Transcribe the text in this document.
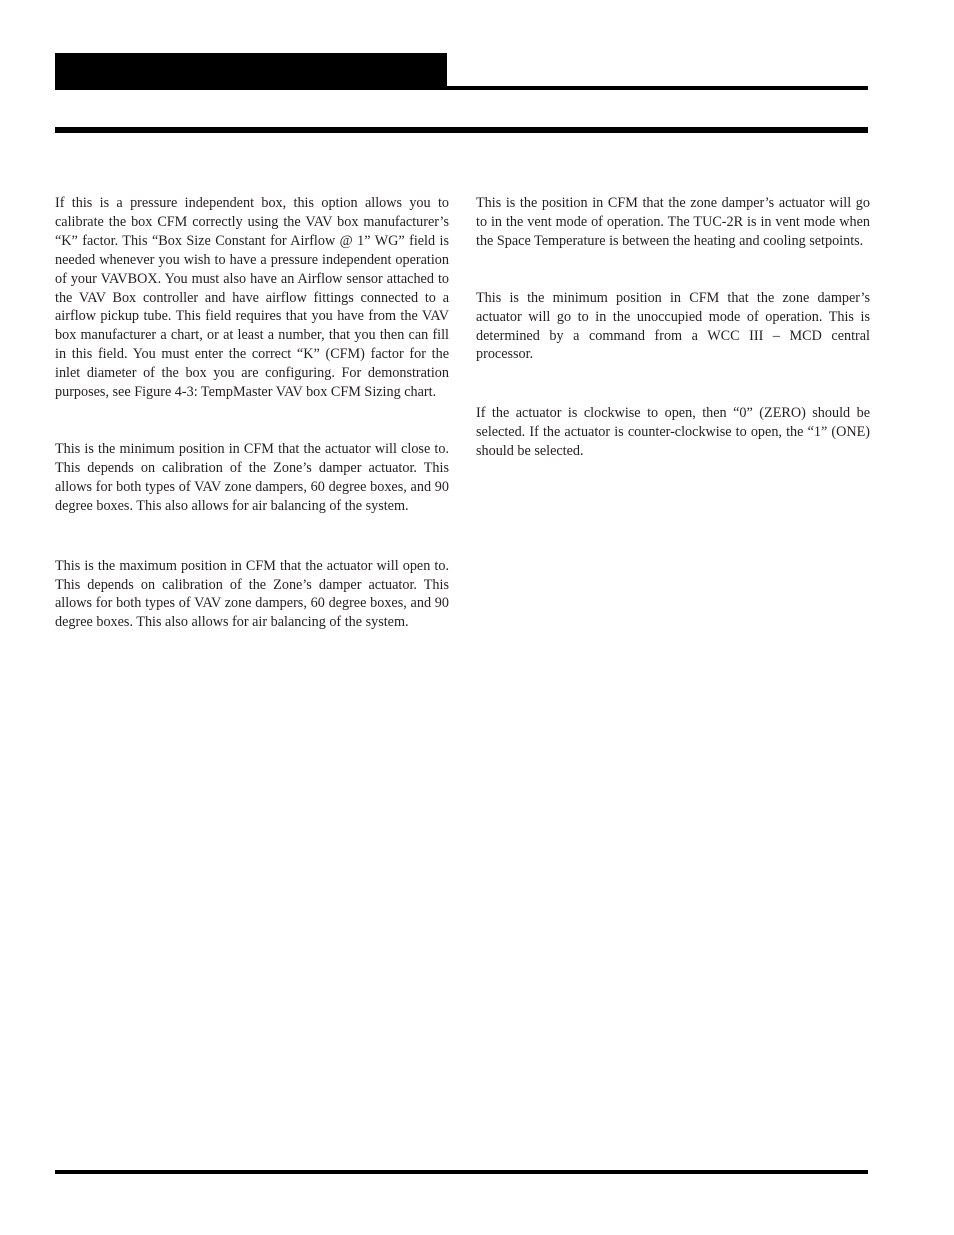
If this is a pressure independent box, this option allows you to calibrate the box CFM correctly using the VAV box manufacturer’s “K” factor. This “Box Size Constant for Airflow @ 1” WG” field is needed whenever you wish to have a pressure independent operation of your VAVBOX. You must also have an Airflow sensor attached to the VAV Box controller and have airflow fittings connected to a airflow pickup tube. This field requires that you have from the VAV box manufacturer a chart, or at least a number, that you then can fill in this field. You must enter the correct “K” (CFM) factor for the inlet diameter of the box you are configuring. For demonstration purposes, see Figure 4-3: TempMaster VAV box CFM Sizing chart.

This is the minimum position in CFM that the actuator will close to. This depends on calibration of the Zone’s damper actuator. This allows for both types of VAV zone dampers, 60 degree boxes, and 90 degree boxes. This also allows for air balancing of the system.

This is the maximum position in CFM that the actuator will open to. This depends on calibration of the Zone’s damper actuator. This allows for both types of VAV zone dampers, 60 degree boxes, and 90 degree boxes. This also allows for air balancing of the system.

This is the position in CFM that the zone damper’s actuator will go to in the vent mode of operation. The TUC-2R is in vent mode when the Space Temperature is between the heating and cooling setpoints.

This is the minimum position in CFM that the zone damper’s actuator will go to in the unoccupied mode of operation. This is determined by a command from a WCC III – MCD central processor.

If the actuator is clockwise to open, then “0” (ZERO) should be selected. If the actuator is counter-clockwise to open, the “1” (ONE) should be selected.
